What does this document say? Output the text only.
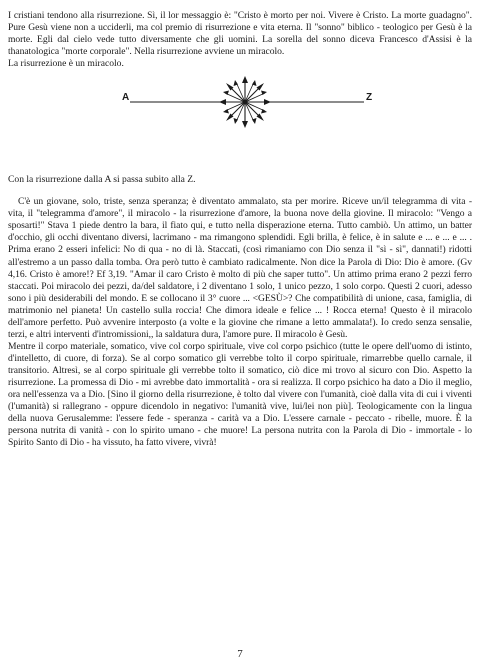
I cristiani tendono alla risurrezione. Sì, il lor messaggio è: "Cristo è morto per noi. Vivere è Cristo. La morte guadagno". Pure Gesù viene non a ucciderli, ma col premio di risurrezione e vita eterna. Il "sonno" biblico - teologico per Gesù è la morte. Egli dal cielo vede tutto diversamente che gli uomini. La sorella del sonno diceva Francesco d'Assisi è la thanatologica "morte corporale". Nella risurrezione avviene un miracolo.

La risurrezione è un miracolo.

A	Z

Con la risurrezione dalla A si passa subito alla Z.

C'è un giovane, solo, triste, senza speranza; è diventato ammalato, sta per morire. Riceve un/il telegramma di vita - vita, il "telegramma d'amore", il miracolo - la risurrezione d'amore, la buona nove della giovine. Il miracolo: "Vengo a sposarti!" Stava 1 piede dentro la bara, il fiato qui, e tutto nella disperazione eterna. Tutto cambiò. Un attimo, un batter d'occhio, gli occhi diventano diversi, lacrimano - ma rimangono splendidi. Egli brilla, è felice, è in salute e ... e ... e ... . Prima erano 2 esseri infelici: No di qua - no di là. Staccati, (così rimaniamo con Dio senza il "sì - sì", dannati!) ridotti all'estremo a un passo dalla tomba. Ora però tutto è cambiato radicalmente. Non dice la Parola di Dio: Dio è amore. (Gv 4,16. Cristo è amore!? Ef 3,19. "Amar il caro Cristo è molto di più che saper tutto". Un attimo prima erano 2 pezzi ferro staccati. Poi miracolo dei pezzi, da/del saldatore, i 2 diventano 1 solo, 1 unico pezzo, 1 solo corpo. Questi 2 cuori, adesso sono i più desiderabili del mondo. E se collocano il 3° cuore ... <GESÙ>? Che compatibilità di unione, casa, famiglia, di matrimonio nel pianeta! Un castello sulla roccia! Che dimora ideale e felice ... ! Rocca eterna! Questo è il miracolo dell'amore perfetto. Può avvenire interposto (a volte e la giovine che rimane a letto ammalata!). Io credo senza sensalie, terzi, e altri interventi d'intromissioni,, la saldatura dura, l'amore pure. Il miracolo è Gesù.

Mentre il corpo materiale, somatico, vive col corpo spirituale, vive col corpo psichico (tutte le opere dell'uomo di istinto, d'intelletto, di cuore, di forza). Se al corpo somatico gli verrebbe tolto il corpo spirituale, rimarrebbe quello carnale, il transitorio. Altresì, se al corpo spirituale gli verrebbe tolto il somatico, ciò dice mi trovo al sicuro con Dio. Aspetto la risurrezione. La promessa di Dio - mi avrebbe dato immortalità - ora si realizza. Il corpo psichico ha dato a Dio il meglio, ora nell'essenza va a Dio. [Sino il giorno della risurrezione, è tolto dal vivere con l'umanità, cioè dalla vita di cui i viventi (l'umanità) si rallegrano - oppure dicendolo in negativo: l'umanità vive, lui/lei non più]. Teologicamente con la lingua della nuova Gerusalemme: l'essere fede - speranza - carità va a Dio. L'essere carnale - peccato - ribelle, muore. È la persona nutrita di vanità - con lo spirito umano - che muore! La persona nutrita con la Parola di Dio - immortale - lo Spirito Santo di Dio - ha vissuto, ha fatto vivere, vivrà!

7
